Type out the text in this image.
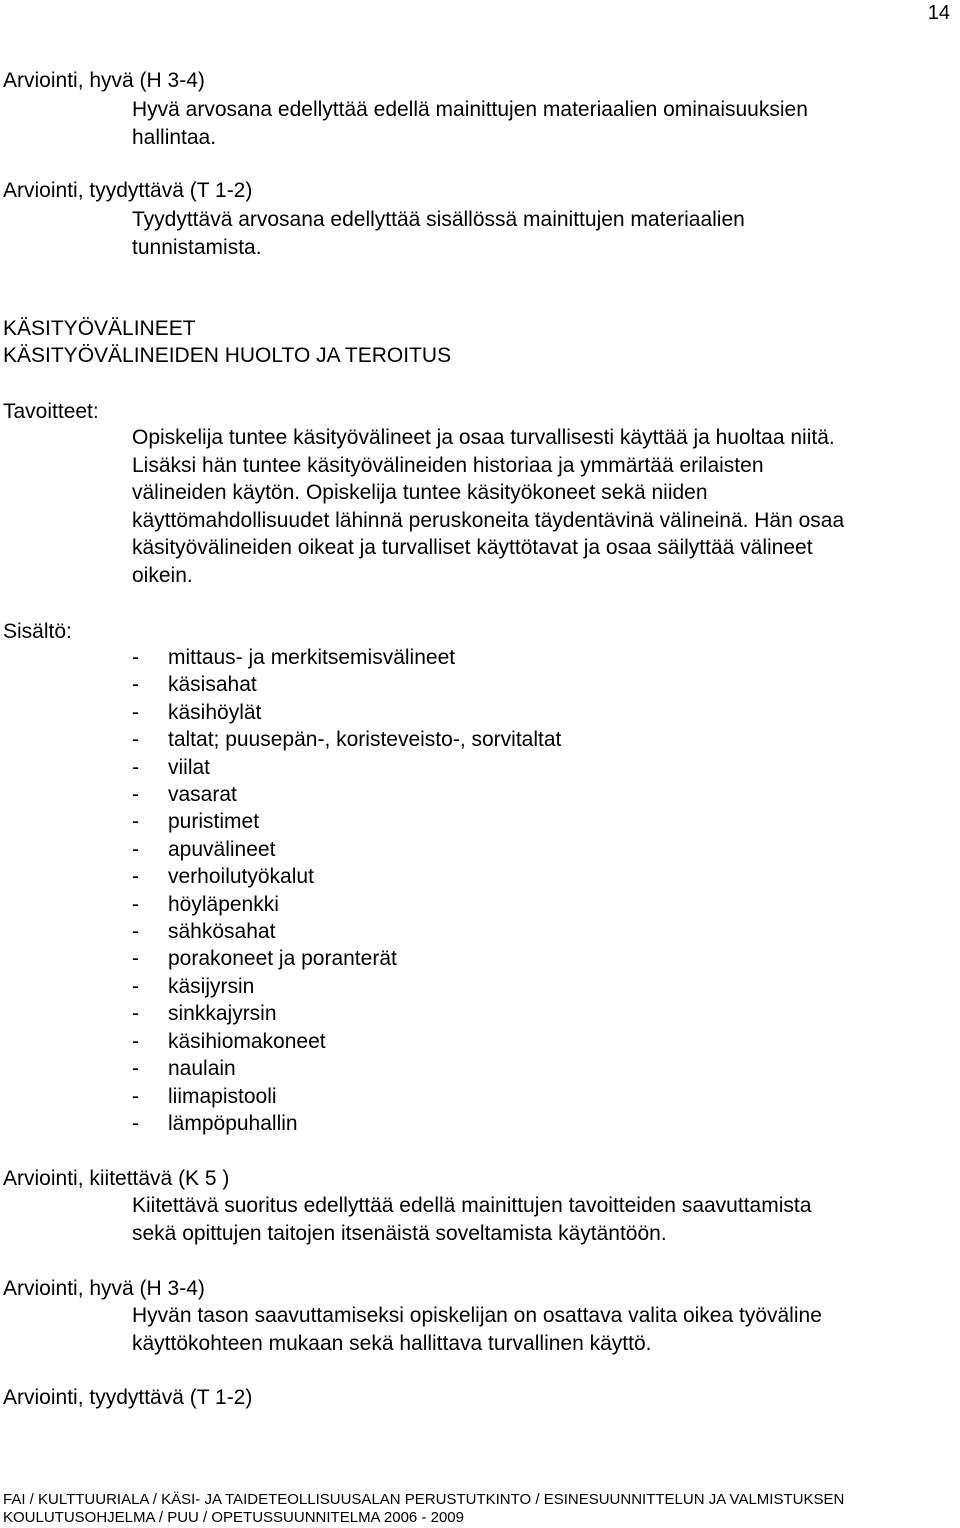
14
Arviointi, hyvä (H 3-4)

Hyvä arvosana edellyttää edellä mainittujen materiaalien ominaisuuksien

hallintaa.

Arviointi, tyydyttävä (T 1-2)

Tyydyttävä arvosana edellyttää sisällössä mainittujen materiaalien

tunnistamista.

KÄSITYÖVÄLINEET
KÄSITYÖVÄLINEIDEN HUOLTO JA TEROITUS
Tavoitteet:

Opiskelija tuntee käsityövälineet ja osaa turvallisesti käyttää ja huoltaa niitä.

Lisäksi hän tuntee käsityövälineiden historiaa ja ymmärtää erilaisten

välineiden käytön. Opiskelija tuntee käsityökoneet sekä niiden

käyttömahdollisuudet lähinnä peruskoneita täydentävinä välineinä. Hän osaa

käsityövälineiden oikeat ja turvalliset käyttötavat ja osaa säilyttää välineet

oikein.

Sisältö:
-	mittaus- ja merkitsemisvälineet
-	käsisahat
-	käsihöylät
-	taltat; puusepän-, koristeveisto-, sorvitaltat
-	viilat
-	vasarat
-	puristimet
-	apuvälineet
-	verhoilutyökalut
-	höyläpenkki
-	sähkösahat
-	porakoneet ja poranterät
-	käsijyrsin
-	sinkkajyrsin
-	käsihiomakoneet
-	naulain
-	liimapistooli
-	lämpöpuhallin
Arviointi, kiitettävä (K 5 )

Kiitettävä suoritus edellyttää edellä mainittujen tavoitteiden saavuttamista

sekä opittujen taitojen itsenäistä soveltamista käytäntöön.

Arviointi, hyvä (H 3-4)

Hyvän tason saavuttamiseksi opiskelijan on osattava valita oikea työväline

käyttökohteen mukaan sekä hallittava turvallinen käyttö.

Arviointi, tyydyttävä (T 1-2)
FAI / KULTTUURIALA / KÄSI- JA TAIDETEOLLISUUSALAN PERUSTUTKINTO / ESINESUUNNITTELUN JA VALMISTUKSEN
KOULUTUSOHJELMA / PUU / OPETUSSUUNNITELMA 2006 - 2009
